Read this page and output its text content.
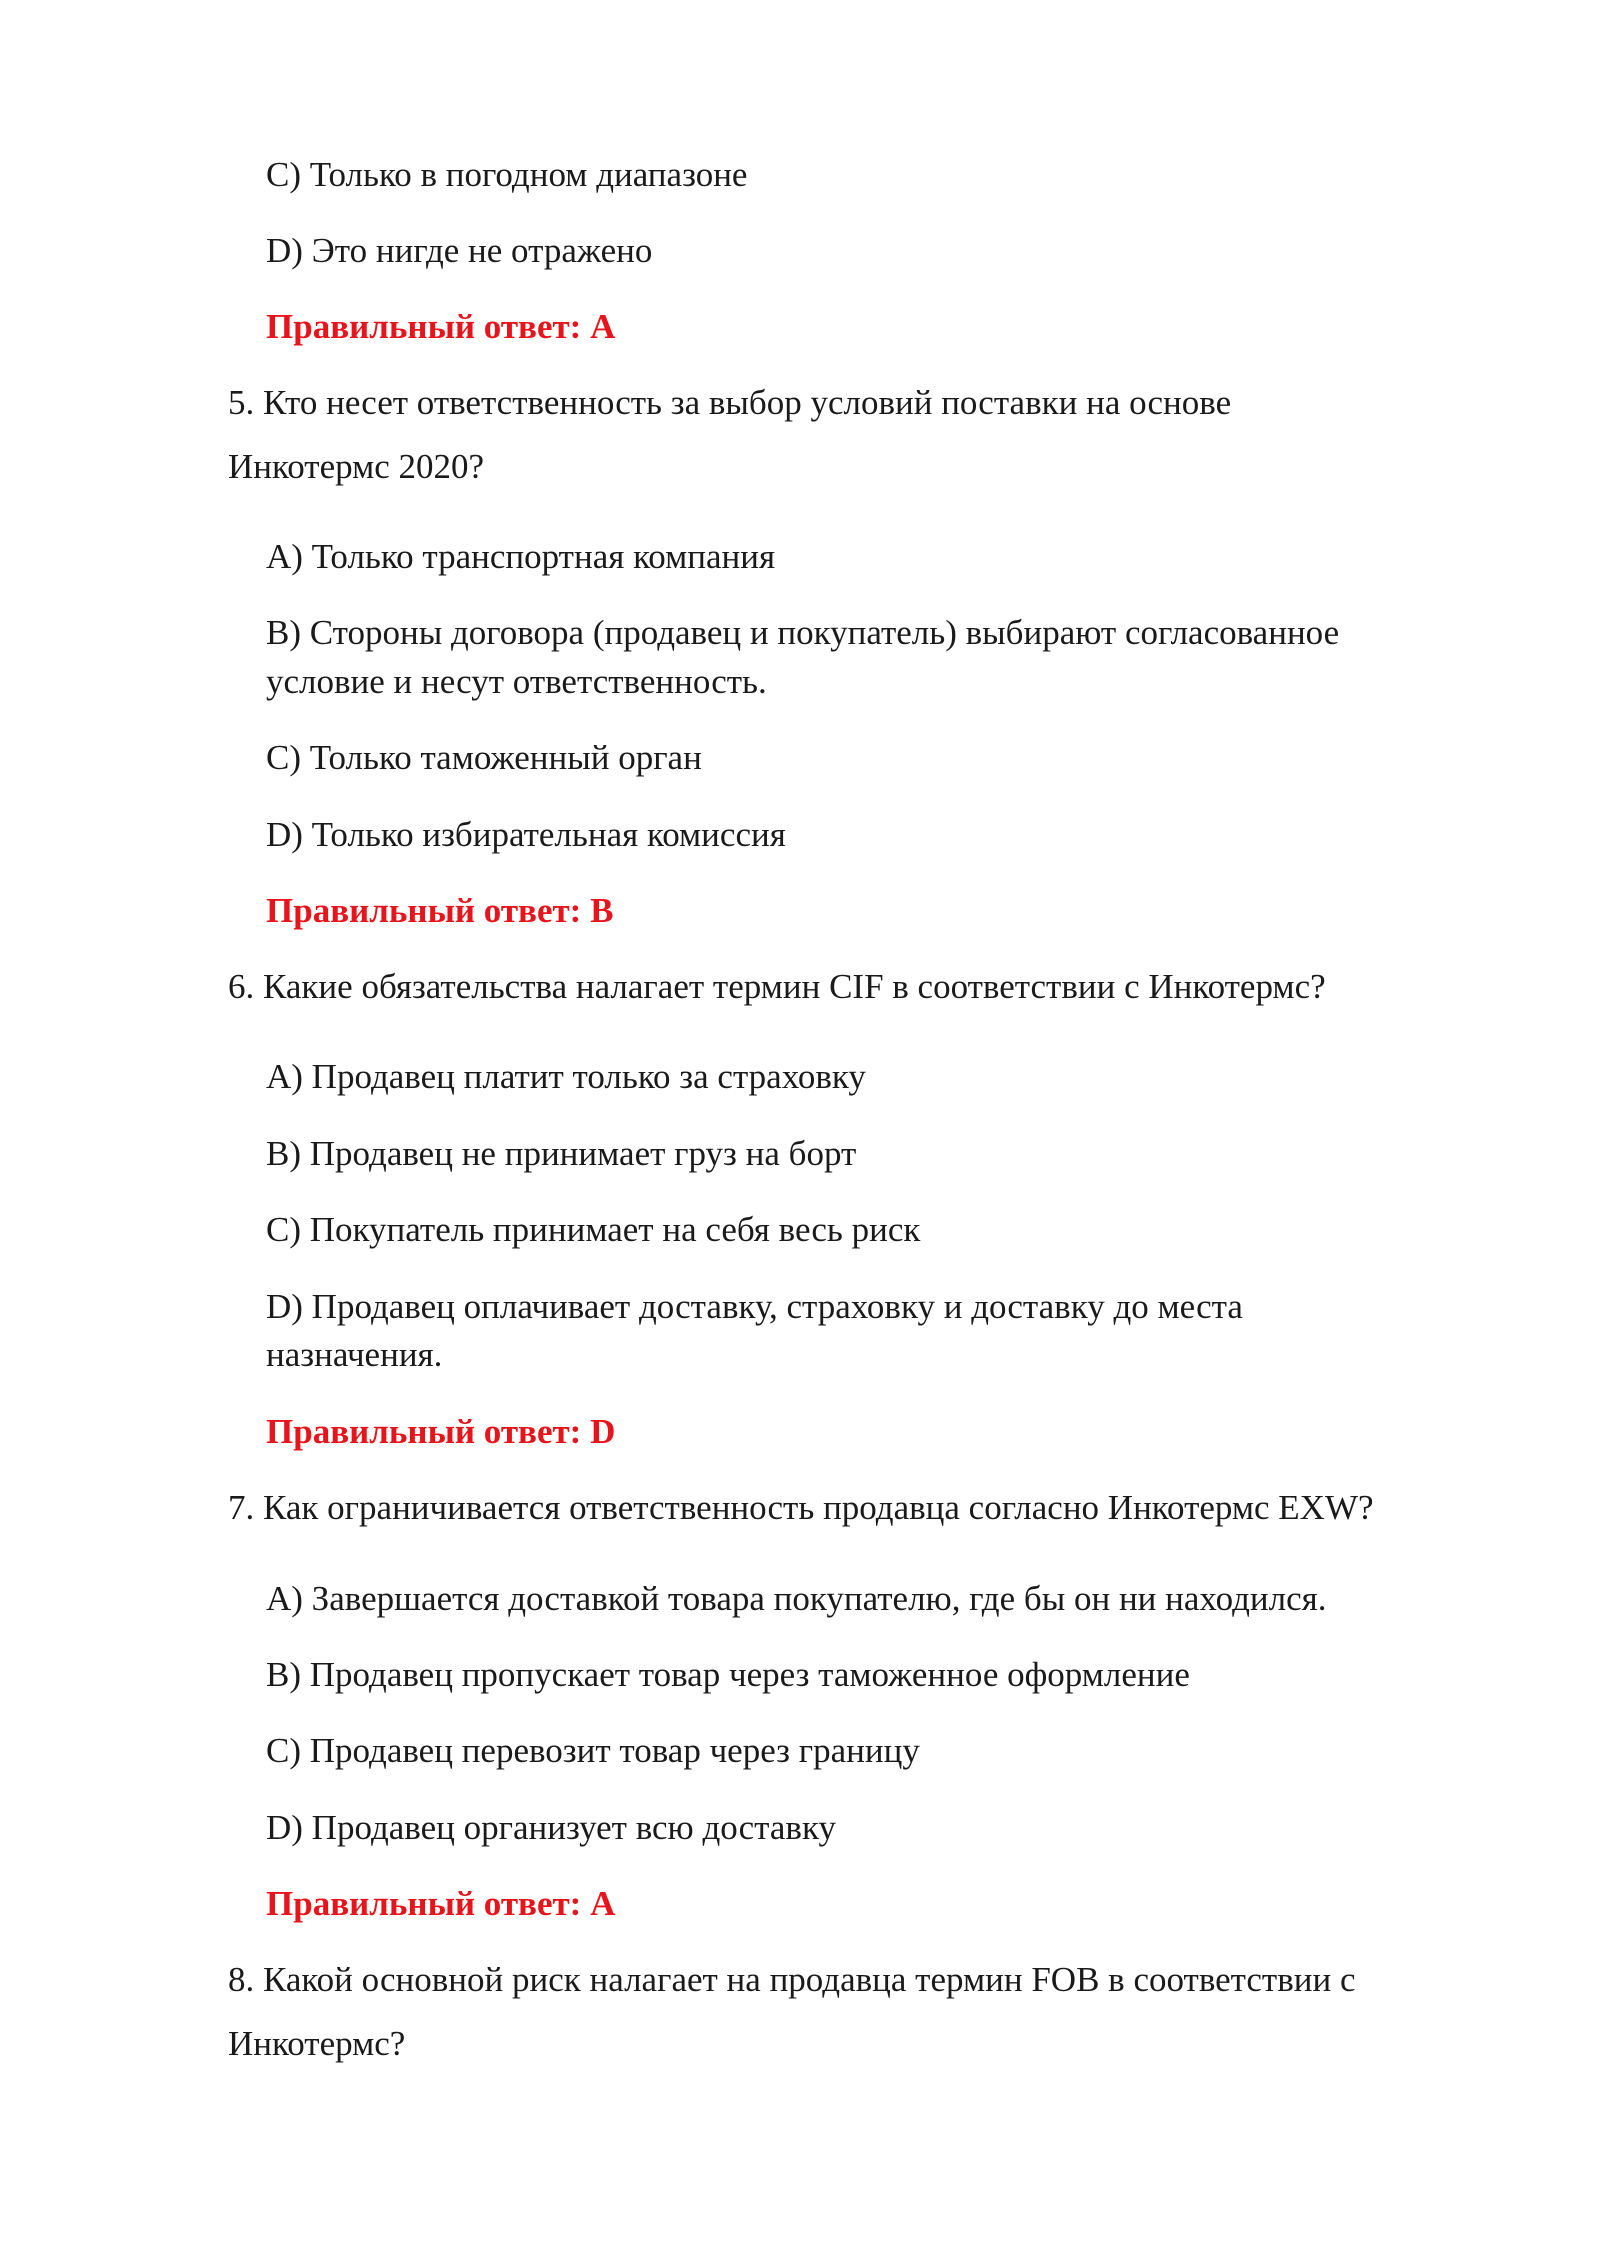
C) Только в погодном диапазоне
D) Это нигде не отражено
Правильный ответ: A
5. Кто несет ответственность за выбор условий поставки на основе
Инкотермс 2020?
A) Только транспортная компания
B) Стороны договора (продавец и покупатель) выбирают согласованное
условие и несут ответственность.
C) Только таможенный орган
D) Только избирательная комиссия
Правильный ответ: B
6. Какие обязательства налагает термин CIF в соответствии с Инкотермс?
A) Продавец платит только за страховку
B) Продавец не принимает груз на борт
C) Покупатель принимает на себя весь риск
D) Продавец оплачивает доставку, страховку и доставку до места
назначения.
Правильный ответ: D
7. Как ограничивается ответственность продавца согласно Инкотермс EXW?
A) Завершается доставкой товара покупателю, где бы он ни находился.
B) Продавец пропускает товар через таможенное оформление
C) Продавец перевозит товар через границу
D) Продавец организует всю доставку
Правильный ответ: A
8. Какой основной риск налагает на продавца термин FOB в соответствии с
Инкотермс?
